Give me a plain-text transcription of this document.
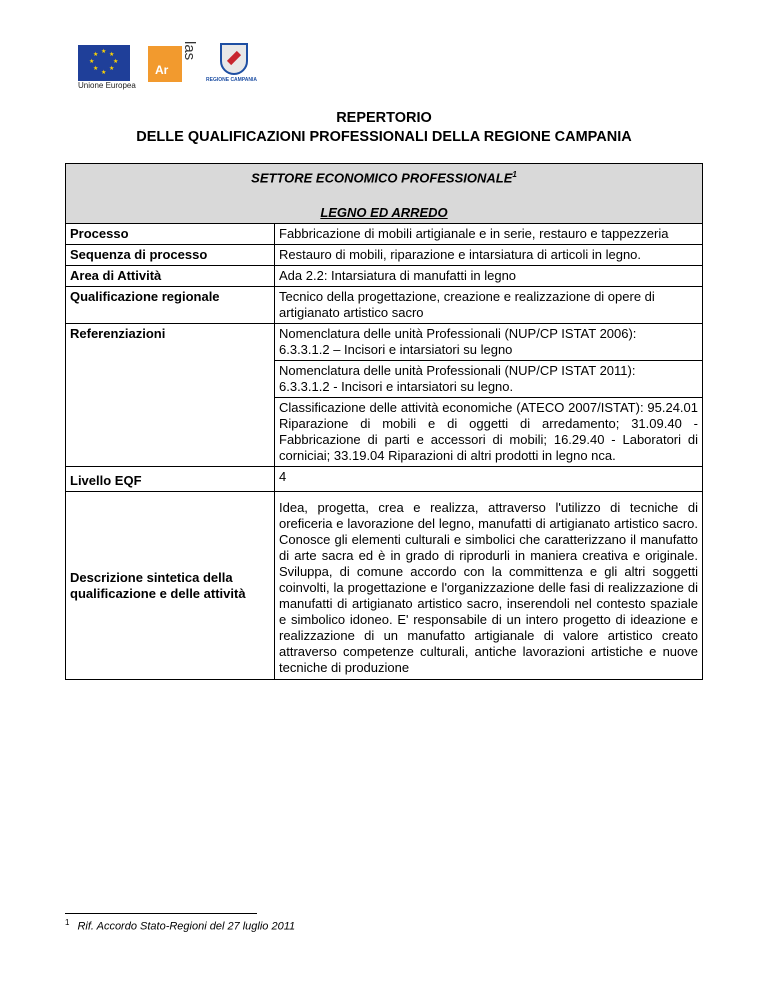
★ ★
★
★
★
★
★
★
Unione Europea
Ar
las
REGIONE CAMPANIA
REPERTORIO
DELLE QUALIFICAZIONI PROFESSIONALI DELLA REGIONE CAMPANIA
SETTORE ECONOMICO PROFESSIONALE$^1$
LEGNO ED ARREDO	

Processo	Fabbricazione di mobili artigianale e in serie, restauro e tappezzeria
Sequenza di processo	Restauro di mobili, riparazione e intarsiatura di articoli in legno.
Area di Attività	Ada 2.2: Intarsiatura di manufatti in legno
Qualificazione regionale	Tecnico della progettazione, creazione e realizzazione di opere di artigianato artistico sacro
Referenziazioni	Nomenclatura delle unità Professionali (NUP/CP ISTAT 2006):
6.3.3.1.2 – Incisori e intarsiatori su legno

	Nomenclatura delle unità Professionali (NUP/CP ISTAT 2011):
6.3.3.1.2 - Incisori e intarsiatori su legno.

	Classificazione delle attività economiche (ATECO 2007/ISTAT): 95.24.01 Riparazione di mobili e di oggetti di arredamento; 31.09.40 - Fabbricazione di parti e accessori di mobili; 16.29.40 - Laboratori di corniciai; 33.19.04 Riparazioni di altri prodotti in legno nca.
Livello EQF	4
Descrizione sintetica della qualificazione e delle attività	Idea, progetta, crea e realizza, attraverso l'utilizzo di tecniche di oreficeria e lavorazione del legno, manufatti di artigianato artistico sacro. Conosce gli elementi culturali e simbolici che caratterizzano il manufatto di arte sacra ed è in grado di riprodurli in maniera creativa e originale. Sviluppa, di comune accordo con la committenza e gli altri soggetti coinvolti, la progettazione e l'organizzazione delle fasi di realizzazione di manufatti di artigianato artistico sacro, inserendoli nel contesto spaziale e simbolico idoneo. E' responsabile di un intero progetto di ideazione e realizzazione di un manufatto artigianale di valore artistico creato attraverso competenze culturali, antiche lavorazioni artistiche e nuove tecniche di produzione
$^1$ Rif. Accordo Stato-Regioni del 27 luglio 2011
